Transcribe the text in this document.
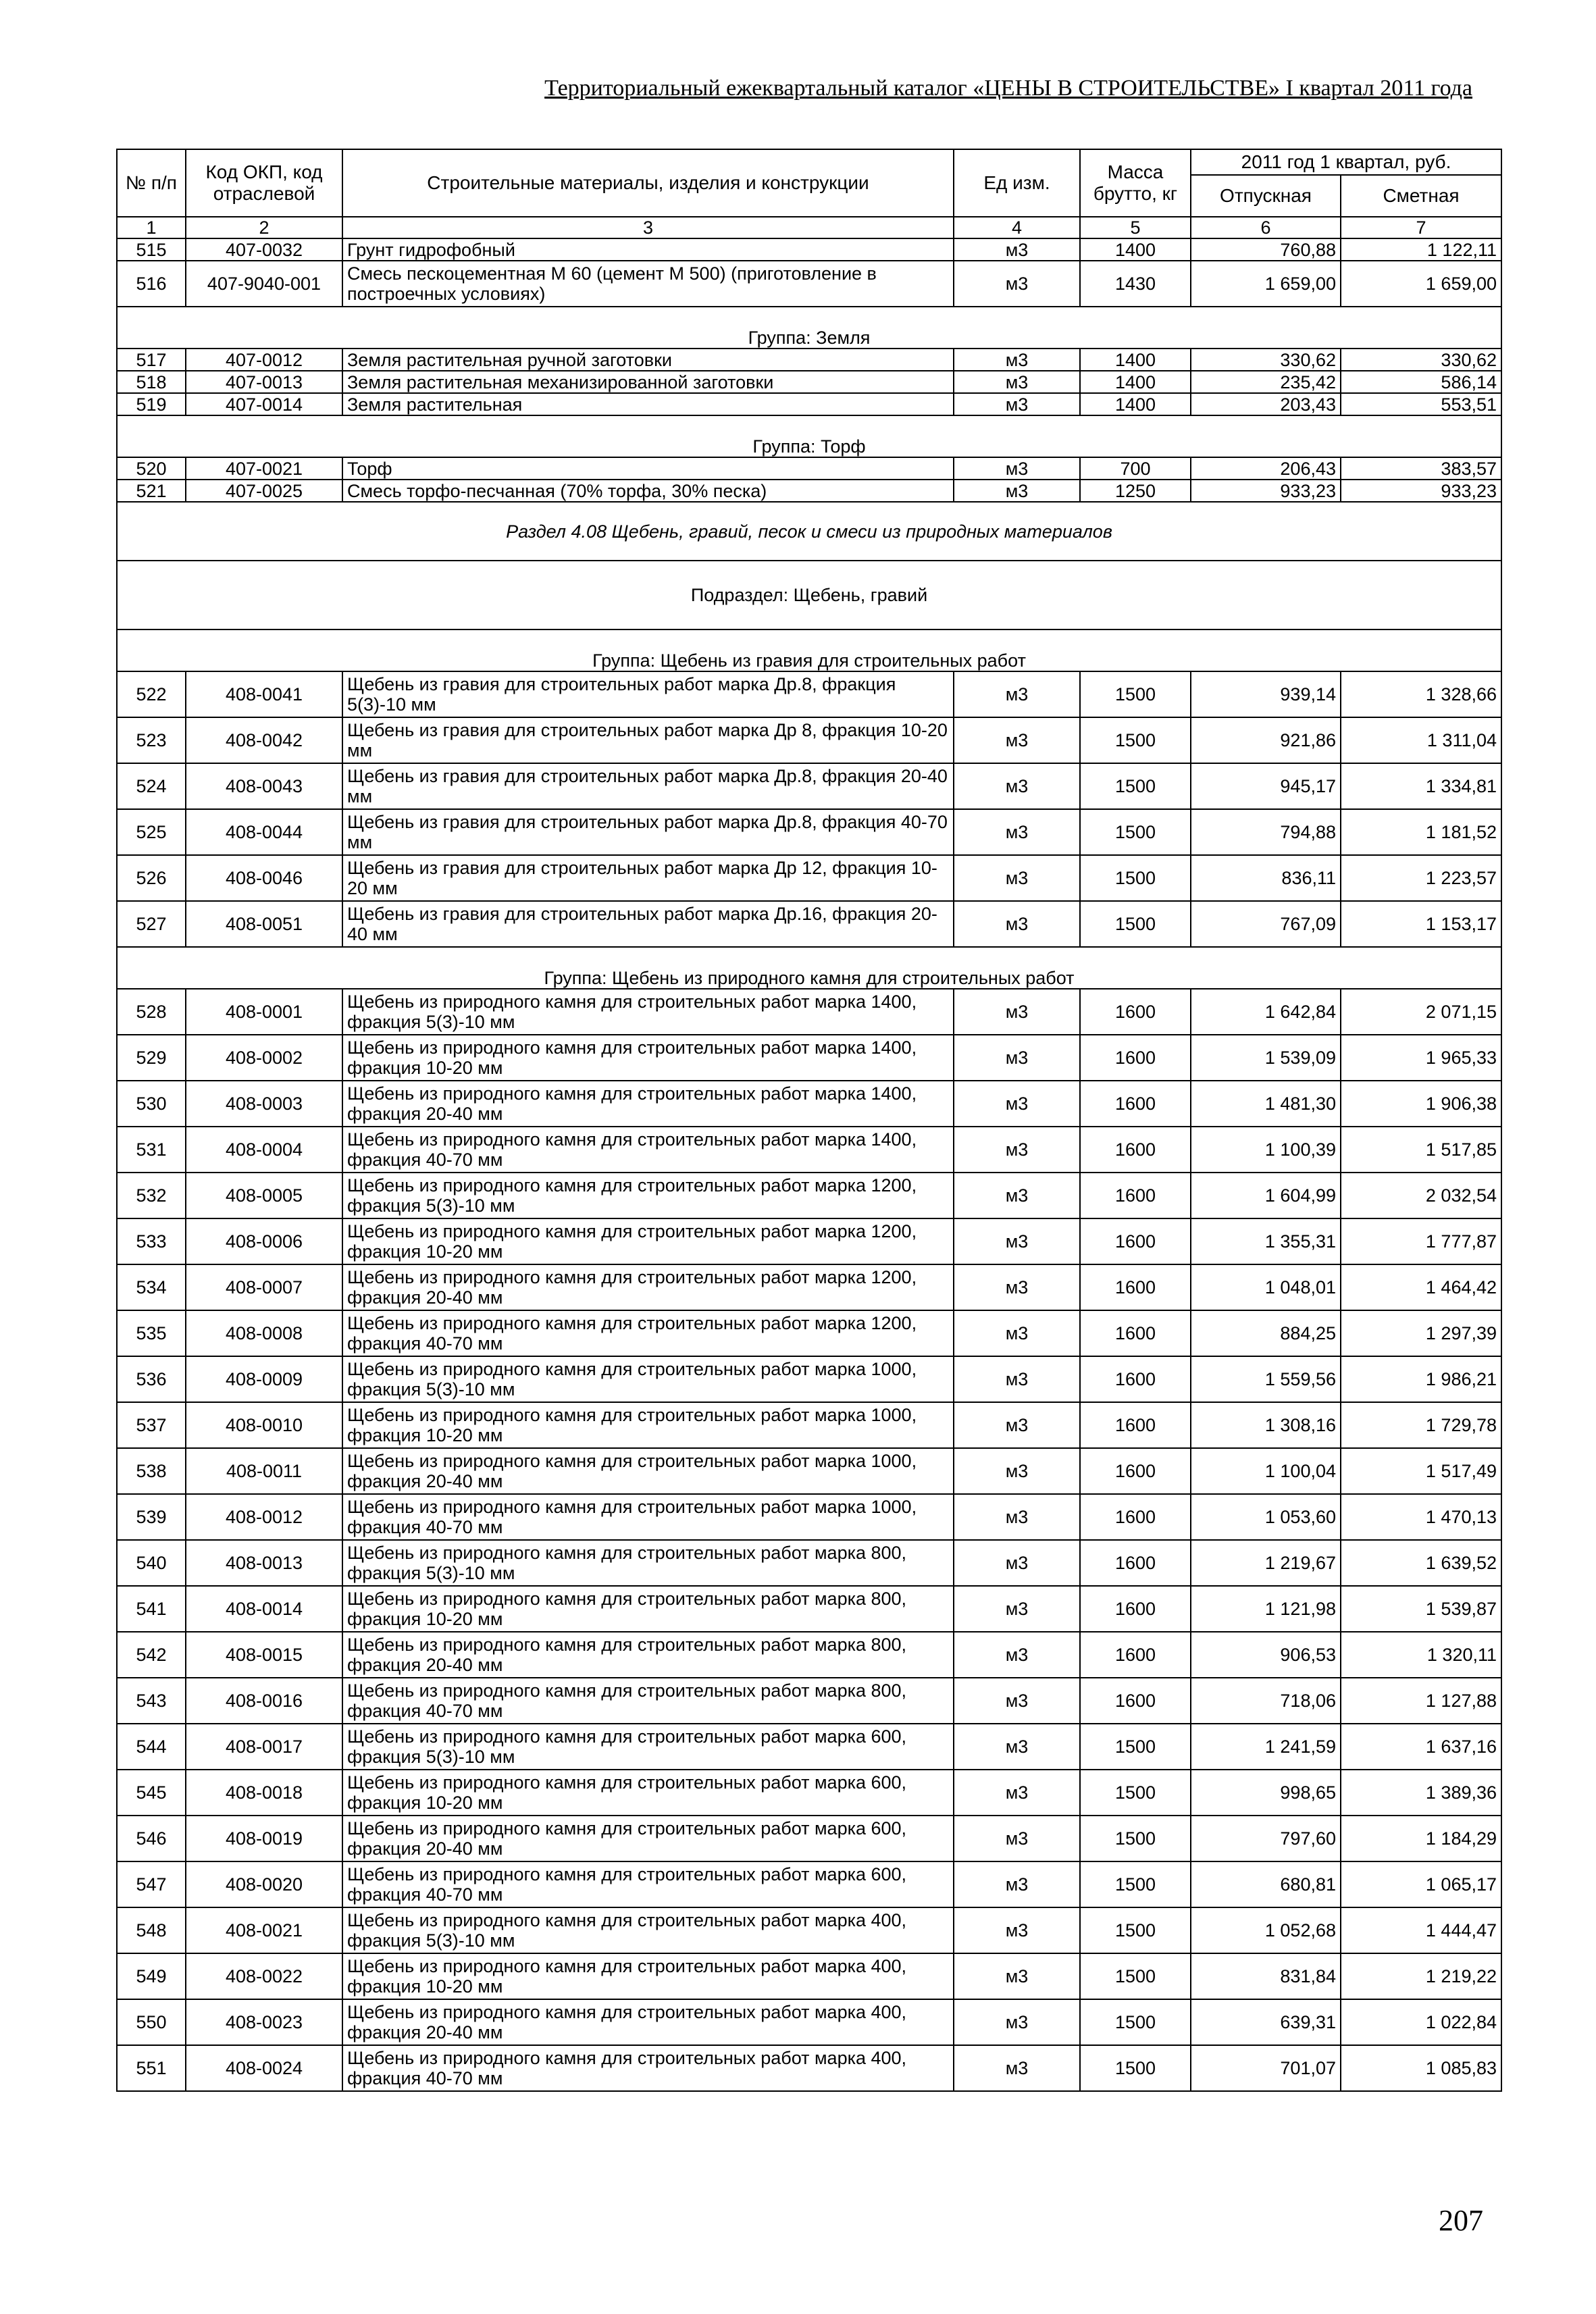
Территориальный ежеквартальный каталог «ЦЕНЫ В СТРОИТЕЛЬСТВЕ» I квартал 2011 года
№ п/п	Код ОКП, код отраслевой	Строительные материалы, изделия и конструкции	Ед изм.	Масса брутто, кг	2011 год 1 квартал, руб.	
					Отпускная	Сметная
1	2	3	4	5	6	7
515	407-0032	Грунт гидрофобный	м3	1400	760,88	1 122,11
516	407-9040-001	Смесь пескоцементная М 60 (цемент М 500) (приготовление в построечных условиях)	м3	1430	1 659,00	1 659,00
Группа: Земля						
517	407-0012	Земля растительная ручной заготовки	м3	1400	330,62	330,62
518	407-0013	Земля растительная механизированной заготовки	м3	1400	235,42	586,14
519	407-0014	Земля растительная	м3	1400	203,43	553,51
Группа: Торф						
520	407-0021	Торф	м3	700	206,43	383,57
521	407-0025	Смесь торфо-песчанная (70% торфа, 30% песка)	м3	1250	933,23	933,23
Раздел 4.08 Щебень, гравий, песок и смеси из природных материалов						
Подраздел: Щебень, гравий						
Группа: Щебень из гравия для строительных работ						
522	408-0041	Щебень из гравия для строительных работ марка Др.8, фракция 5(3)-10 мм	м3	1500	939,14	1 328,66
523	408-0042	Щебень из гравия для строительных работ марка Др 8, фракция 10-20 мм	м3	1500	921,86	1 311,04
524	408-0043	Щебень из гравия для строительных работ марка Др.8, фракция 20-40 мм	м3	1500	945,17	1 334,81
525	408-0044	Щебень из гравия для строительных работ марка Др.8, фракция 40-70 мм	м3	1500	794,88	1 181,52
526	408-0046	Щебень из гравия для строительных работ марка Др 12, фракция 10-20 мм	м3	1500	836,11	1 223,57
527	408-0051	Щебень из гравия для строительных работ марка Др.16, фракция 20-40 мм	м3	1500	767,09	1 153,17
Группа: Щебень из природного камня для строительных работ						
528	408-0001	Щебень из природного камня для строительных работ марка 1400, фракция 5(3)-10 мм	м3	1600	1 642,84	2 071,15
529	408-0002	Щебень из природного камня для строительных работ марка 1400, фракция 10-20 мм	м3	1600	1 539,09	1 965,33
530	408-0003	Щебень из природного камня для строительных работ марка 1400, фракция 20-40 мм	м3	1600	1 481,30	1 906,38
531	408-0004	Щебень из природного камня для строительных работ марка 1400, фракция 40-70 мм	м3	1600	1 100,39	1 517,85
532	408-0005	Щебень из природного камня для строительных работ марка 1200, фракция 5(3)-10 мм	м3	1600	1 604,99	2 032,54
533	408-0006	Щебень из природного камня для строительных работ марка 1200, фракция 10-20 мм	м3	1600	1 355,31	1 777,87
534	408-0007	Щебень из природного камня для строительных работ марка 1200, фракция 20-40 мм	м3	1600	1 048,01	1 464,42
535	408-0008	Щебень из природного камня для строительных работ марка 1200, фракция 40-70 мм	м3	1600	884,25	1 297,39
536	408-0009	Щебень из природного камня для строительных работ марка 1000, фракция 5(3)-10 мм	м3	1600	1 559,56	1 986,21
537	408-0010	Щебень из природного камня для строительных работ марка 1000, фракция 10-20 мм	м3	1600	1 308,16	1 729,78
538	408-0011	Щебень из природного камня для строительных работ марка 1000, фракция 20-40 мм	м3	1600	1 100,04	1 517,49
539	408-0012	Щебень из природного камня для строительных работ марка 1000, фракция 40-70 мм	м3	1600	1 053,60	1 470,13
540	408-0013	Щебень из природного камня для строительных работ марка 800, фракция 5(3)-10 мм	м3	1600	1 219,67	1 639,52
541	408-0014	Щебень из природного камня для строительных работ марка 800, фракция 10-20 мм	м3	1600	1 121,98	1 539,87
542	408-0015	Щебень из природного камня для строительных работ марка 800, фракция 20-40 мм	м3	1600	906,53	1 320,11
543	408-0016	Щебень из природного камня для строительных работ марка 800, фракция 40-70 мм	м3	1600	718,06	1 127,88
544	408-0017	Щебень из природного камня для строительных работ марка 600, фракция 5(3)-10 мм	м3	1500	1 241,59	1 637,16
545	408-0018	Щебень из природного камня для строительных работ марка 600, фракция 10-20 мм	м3	1500	998,65	1 389,36
546	408-0019	Щебень из природного камня для строительных работ марка 600, фракция 20-40 мм	м3	1500	797,60	1 184,29
547	408-0020	Щебень из природного камня для строительных работ марка 600, фракция 40-70 мм	м3	1500	680,81	1 065,17
548	408-0021	Щебень из природного камня для строительных работ марка 400, фракция 5(3)-10 мм	м3	1500	1 052,68	1 444,47
549	408-0022	Щебень из природного камня для строительных работ марка 400, фракция 10-20 мм	м3	1500	831,84	1 219,22
550	408-0023	Щебень из природного камня для строительных работ марка 400, фракция 20-40 мм	м3	1500	639,31	1 022,84
551	408-0024	Щебень из природного камня для строительных работ марка 400, фракция 40-70 мм	м3	1500	701,07	1 085,83
207
